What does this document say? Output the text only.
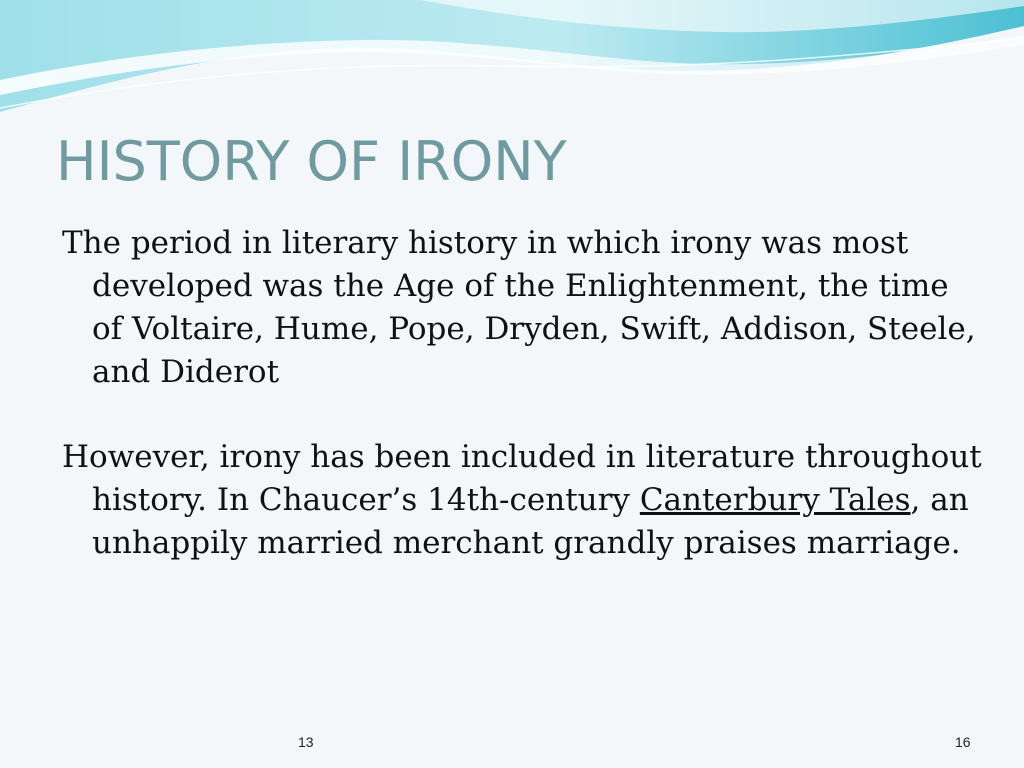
HISTORY OF IRONY

The period in literary history in which irony was most developed was the Age of the Enlightenment, the time of Voltaire, Hume, Pope, Dryden, Swift, Addison, Steele, and Diderot

However, irony has been included in literature throughout history. In Chaucer’s 14th-century Canterbury Tales, an unhappily married merchant grandly praises marriage.

13	16
